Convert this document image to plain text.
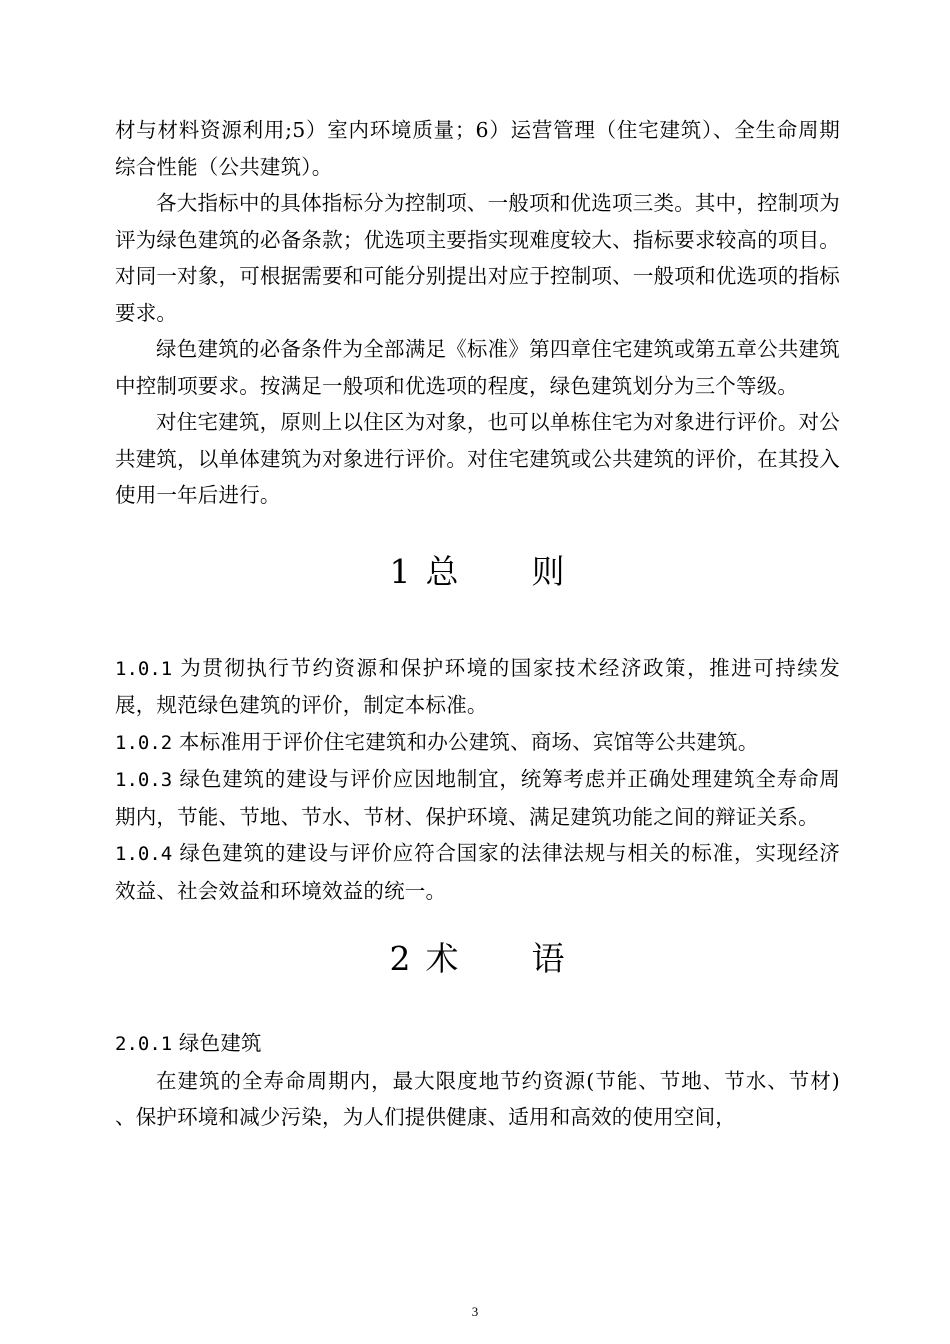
材与材料资源利用;5）室内环境质量；6）运营管理（住宅建筑）、全生命周期综合性能（公共建筑）。

各大指标中的具体指标分为控制项、一般项和优选项三类。其中，控制项为评为绿色建筑的必备条款；优选项主要指实现难度较大、指标要求较高的项目。对同一对象，可根据需要和可能分别提出对应于控制项、一般项和优选项的指标要求。

绿色建筑的必备条件为全部满足《标准》第四章住宅建筑或第五章公共建筑中控制项要求。按满足一般项和优选项的程度，绿色建筑划分为三个等级。

对住宅建筑，原则上以住区为对象，也可以单栋住宅为对象进行评价。对公共建筑，以单体建筑为对象进行评价。对住宅建筑或公共建筑的评价，在其投入使用一年后进行。

1 总 则

1.0.1 为贯彻执行节约资源和保护环境的国家技术经济政策，推进可持续发展，规范绿色建筑的评价，制定本标准。

1.0.2 本标准用于评价住宅建筑和办公建筑、商场、宾馆等公共建筑。

1.0.3 绿色建筑的建设与评价应因地制宜，统筹考虑并正确处理建筑全寿命周期内，节能、节地、节水、节材、保护环境、满足建筑功能之间的辩证关系。

1.0.4 绿色建筑的建设与评价应符合国家的法律法规与相关的标准，实现经济效益、社会效益和环境效益的统一。

2 术 语

2.0.1 绿色建筑

在建筑的全寿命周期内，最大限度地节约资源(节能、节地、节水、节材) 、保护环境和减少污染，为人们提供健康、适用和高效的使用空间，

3
